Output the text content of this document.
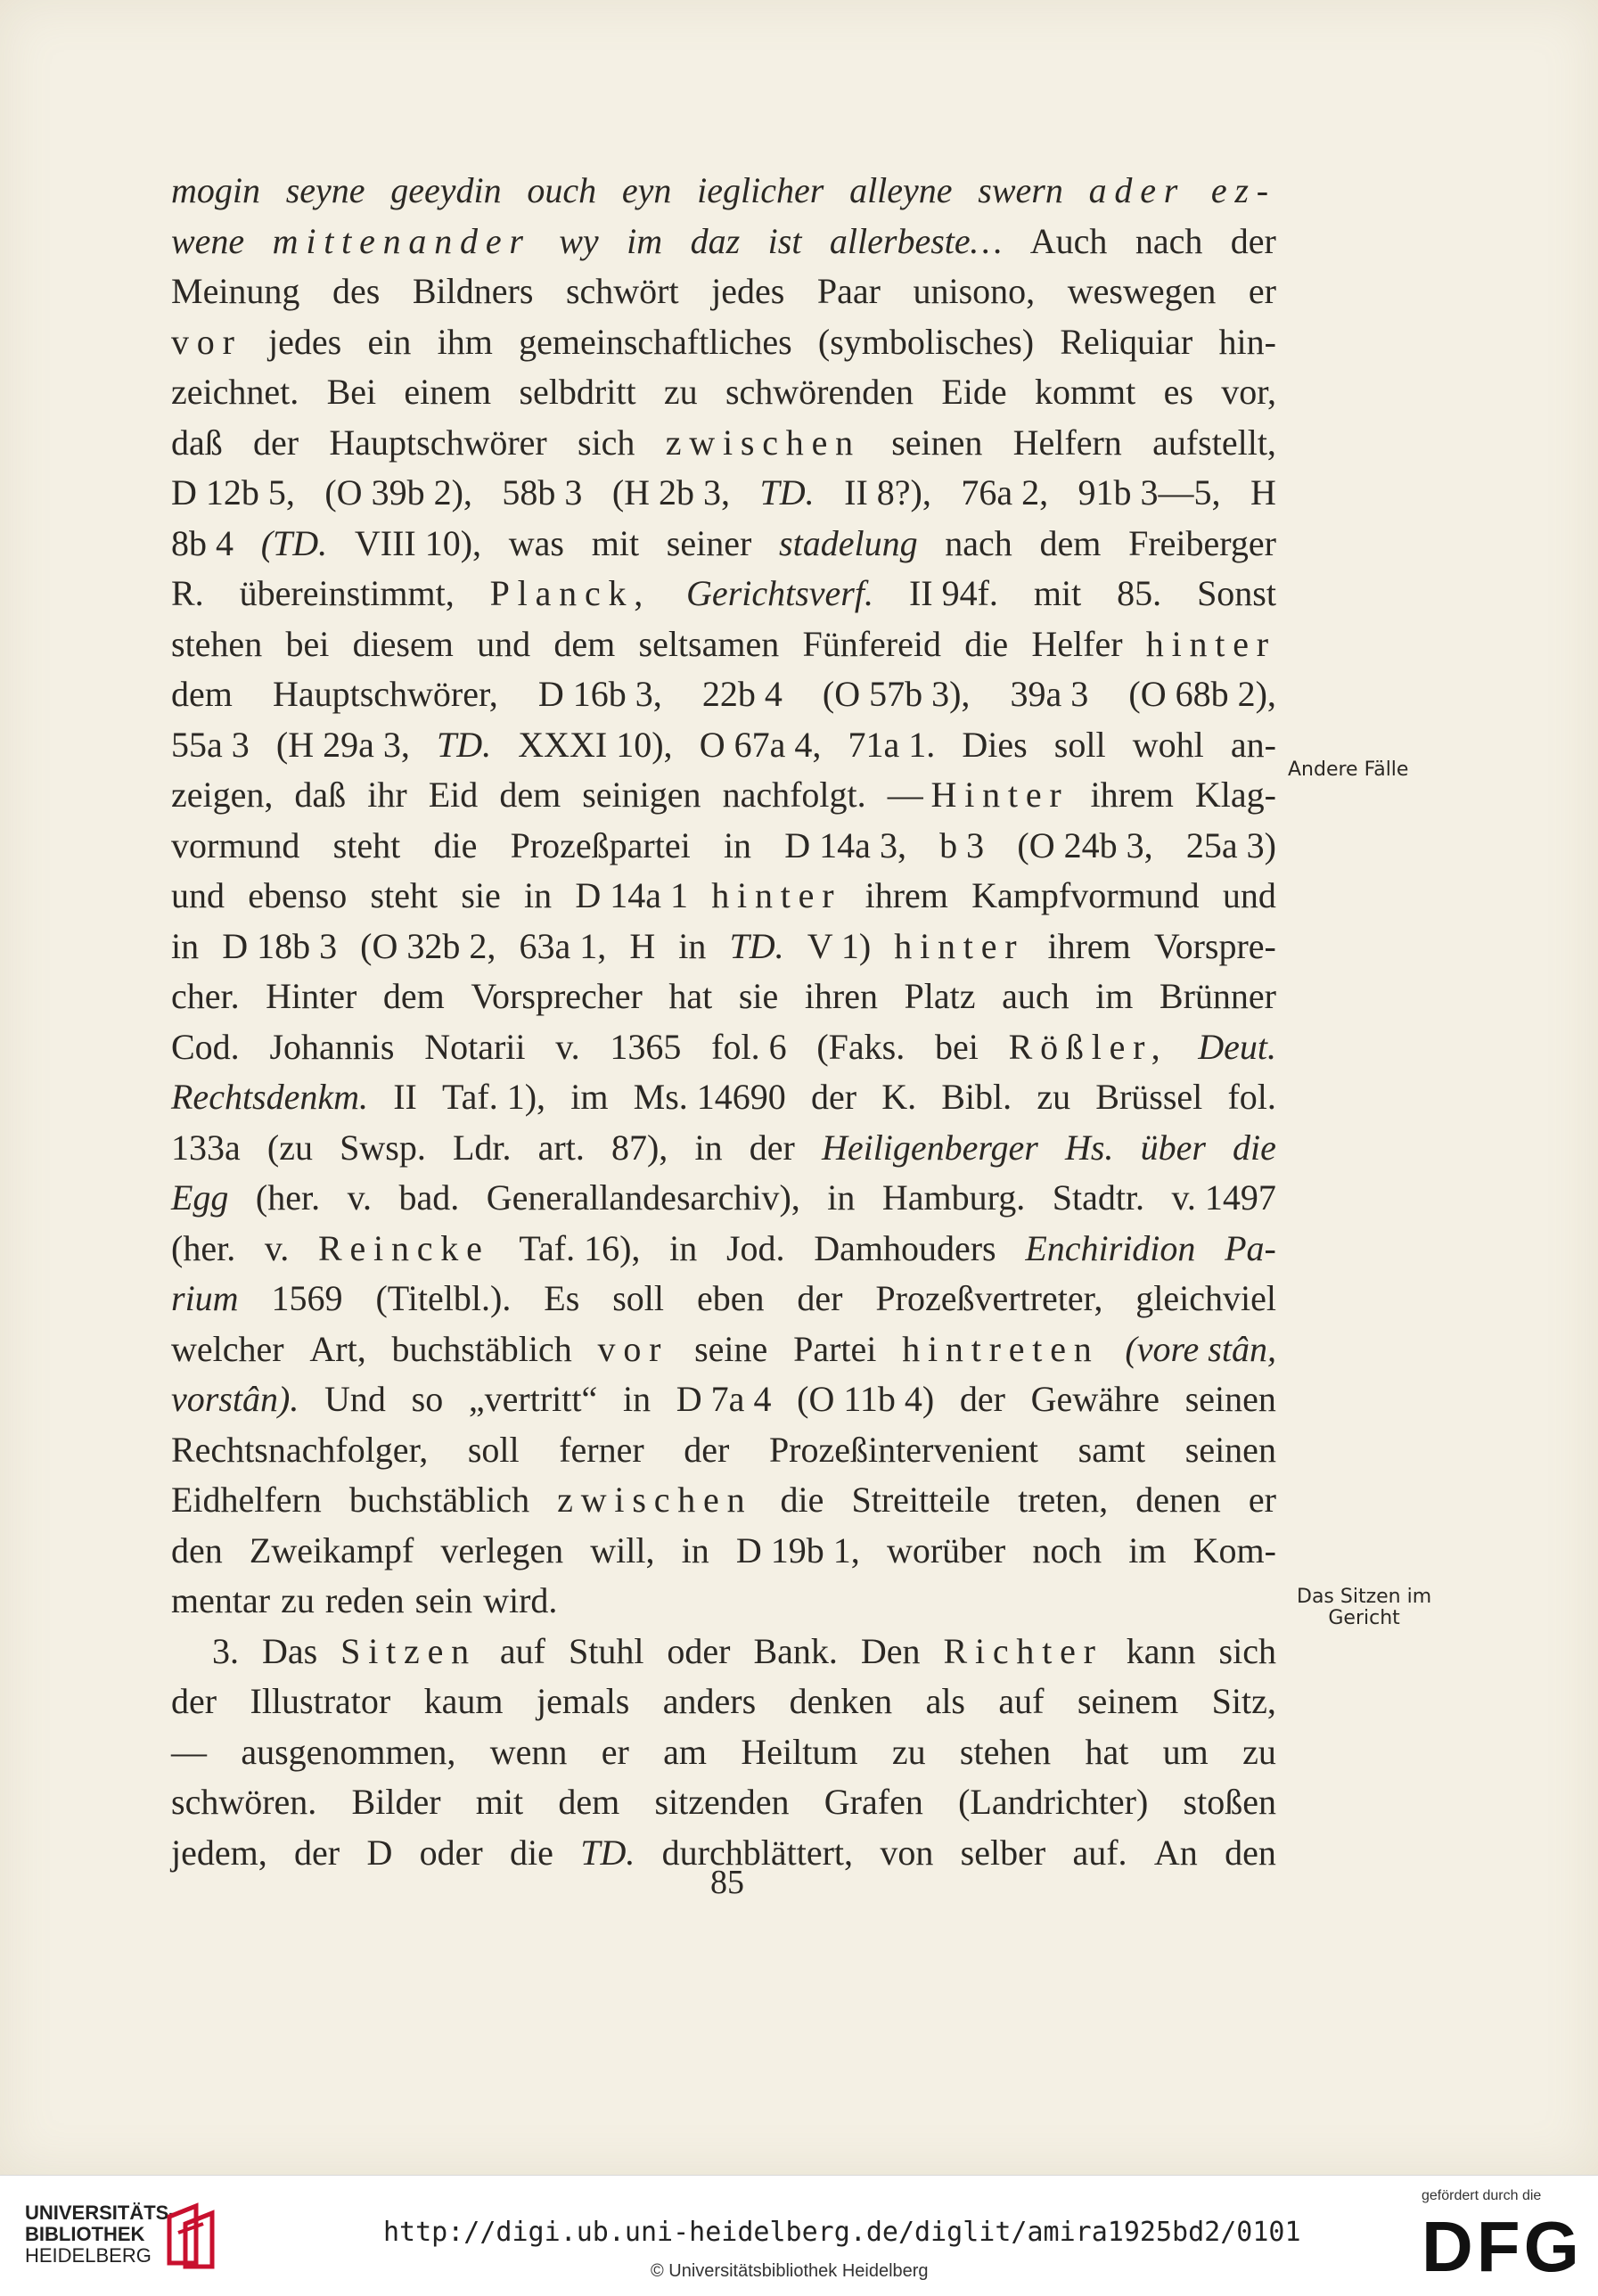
mogin seyne geeydin ouch eyn ieglicher alleyne swern ader ez-
wene mittenander wy im daz ist allerbeste… Auch nach der
Meinung des Bildners schwört jedes Paar unisono, weswegen er
vor jedes ein ihm gemeinschaftliches (symbolisches) Reliquiar hin-
zeichnet. Bei einem selbdritt zu schwörenden Eide kommt es vor,
daß der Hauptschwörer sich zwischen seinen Helfern aufstellt,
D 12b 5, (O 39b 2), 58b 3 (H 2b 3, TD. II 8?), 76a 2, 91b 3—5, H
8b 4 (TD. VIII 10), was mit seiner stadelung nach dem Freiberger
R. übereinstimmt, Planck, Gerichtsverf. II 94f. mit 85. Sonst
stehen bei diesem und dem seltsamen Fünfereid die Helfer hinter
dem Hauptschwörer, D 16b 3, 22b 4 (O 57b 3), 39a 3 (O 68b 2),
55a 3 (H 29a 3, TD. XXXI 10), O 67a 4, 71a 1. Dies soll wohl an-
zeigen, daß ihr Eid dem seinigen nachfolgt. —Hinter ihrem Klag-
vormund steht die Prozeßpartei in D 14a 3, b 3 (O 24b 3, 25a 3)
und ebenso steht sie in D 14a 1 hinter ihrem Kampfvormund und
in D 18b 3 (O 32b 2, 63a 1, H in TD. V 1) hinter ihrem Vorspre-
cher. Hinter dem Vorsprecher hat sie ihren Platz auch im Brünner
Cod. Johannis Notarii v. 1365 fol. 6 (Faks. bei Rößler, Deut.
Rechtsdenkm. II Taf. 1), im Ms. 14690 der K. Bibl. zu Brüssel fol.
133a (zu Swsp. Ldr. art. 87), in der Heiligenberger Hs. über die
Egg (her. v. bad. Generallandesarchiv), in Hamburg. Stadtr. v. 1497
(her. v. Reincke Taf. 16), in Jod. Damhouders Enchiridion Pa-
rium 1569 (Titelbl.). Es soll eben der Prozeßvertreter, gleichviel
welcher Art, buchstäblich vor seine Partei hintreten (vore stân,
vorstân). Und so „vertritt“ in D 7a 4 (O 11b 4) der Gewähre seinen
Rechtsnachfolger, soll ferner der Prozeßintervenient samt seinen
Eidhelfern buchstäblich zwischen die Streitteile treten, denen er
den Zweikampf verlegen will, in D 19b 1, worüber noch im Kom-
mentar zu reden sein wird.
3. Das Sitzen auf Stuhl oder Bank. Den Richter kann sich
der Illustrator kaum jemals anders denken als auf seinem Sitz,
— ausgenommen, wenn er am Heiltum zu stehen hat um zu
schwören. Bilder mit dem sitzenden Grafen (Landrichter) stoßen
jedem, der D oder die TD. durchblättert, von selber auf. An den
Andere Fälle
Das Sitzen im
Gericht
85
UNIVERSITÄTS-
BIBLIOTHEK
HEIDELBERG
http://digi.ub.uni-heidelberg.de/diglit/amira1925bd2/0101
© Universitätsbibliothek Heidelberg
gefördert durch die
DFG
